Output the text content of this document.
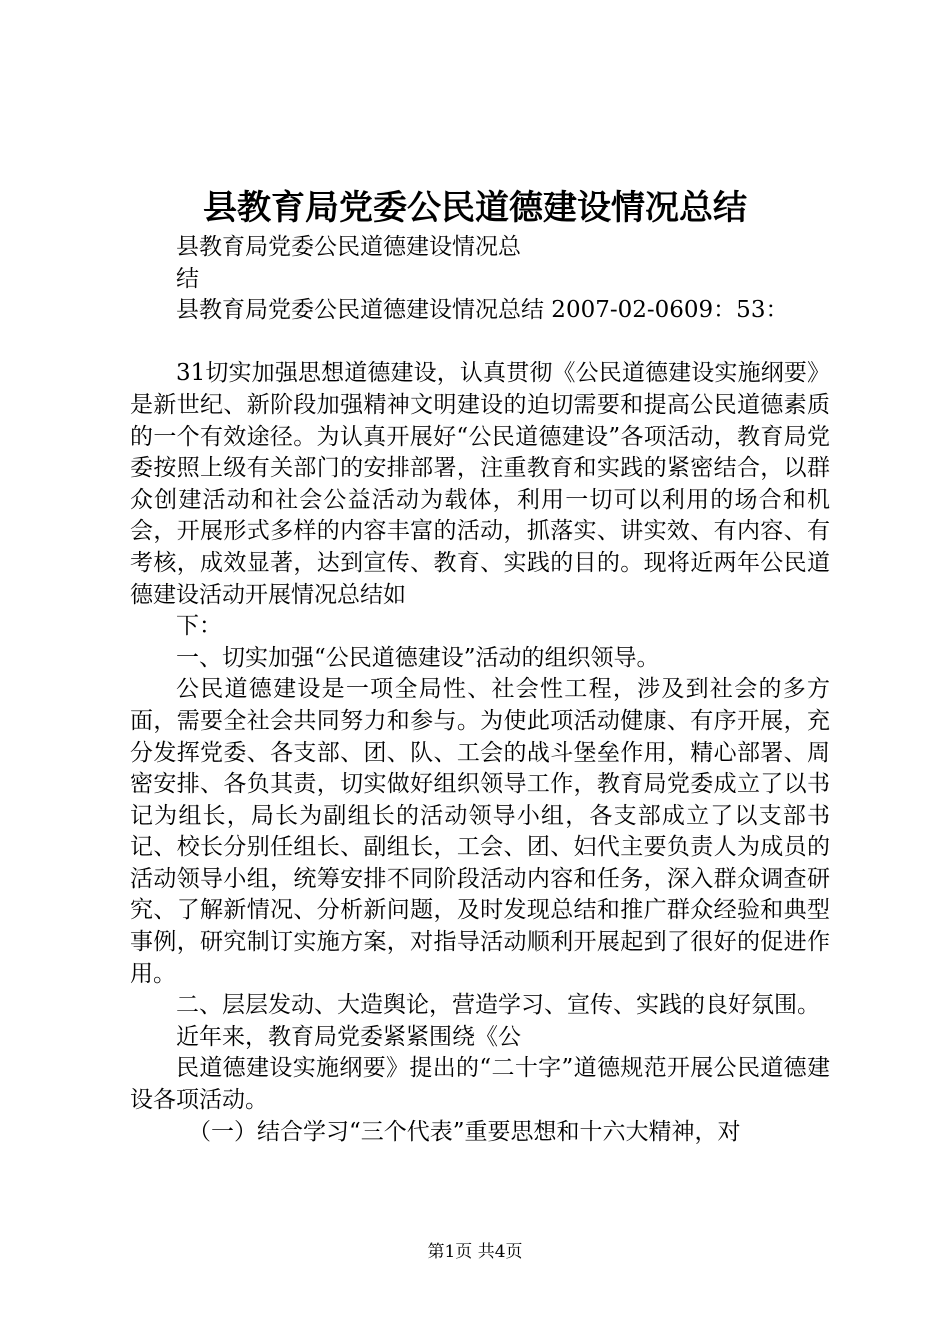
县教育局党委公民道德建设情况总结

县教育局党委公民道德建设情况总

结

县教育局党委公民道德建设情况总结 2007-02-0609：53：

31切实加强思想道德建设，认真贯彻《公民道德建设实施纲要》是新世纪、新阶段加强精神文明建设的迫切需要和提高公民道德素质的一个有效途径。为认真开展好“公民道德建设”各项活动，教育局党委按照上级有关部门的安排部署，注重教育和实践的紧密结合，以群众创建活动和社会公益活动为载体，利用一切可以利用的场合和机会，开展形式多样的内容丰富的活动，抓落实、讲实效、有内容、有考核，成效显著，达到宣传、教育、实践的目的。现将近两年公民道德建设活动开展情况总结如

下：

一、切实加强“公民道德建设”活动的组织领导。

公民道德建设是一项全局性、社会性工程，涉及到社会的多方面，需要全社会共同努力和参与。为使此项活动健康、有序开展，充分发挥党委、各支部、团、队、工会的战斗堡垒作用，精心部署、周密安排、各负其责，切实做好组织领导工作，教育局党委成立了以书记为组长，局长为副组长的活动领导小组，各支部成立了以支部书记、校长分别任组长、副组长，工会、团、妇代主要负责人为成员的活动领导小组，统筹安排不同阶段活动内容和任务，深入群众调查研究、了解新情况、分析新问题，及时发现总结和推广群众经验和典型事例，研究制订实施方案，对指导活动顺利开展起到了很好的促进作用。

二、层层发动、大造舆论，营造学习、宣传、实践的良好氛围。

近年来，教育局党委紧紧围绕《公

民道德建设实施纲要》提出的“二十字”道德规范开展公民道德建设各项活动。

（一）结合学习“三个代表”重要思想和十六大精神，对

第1页 共4页
